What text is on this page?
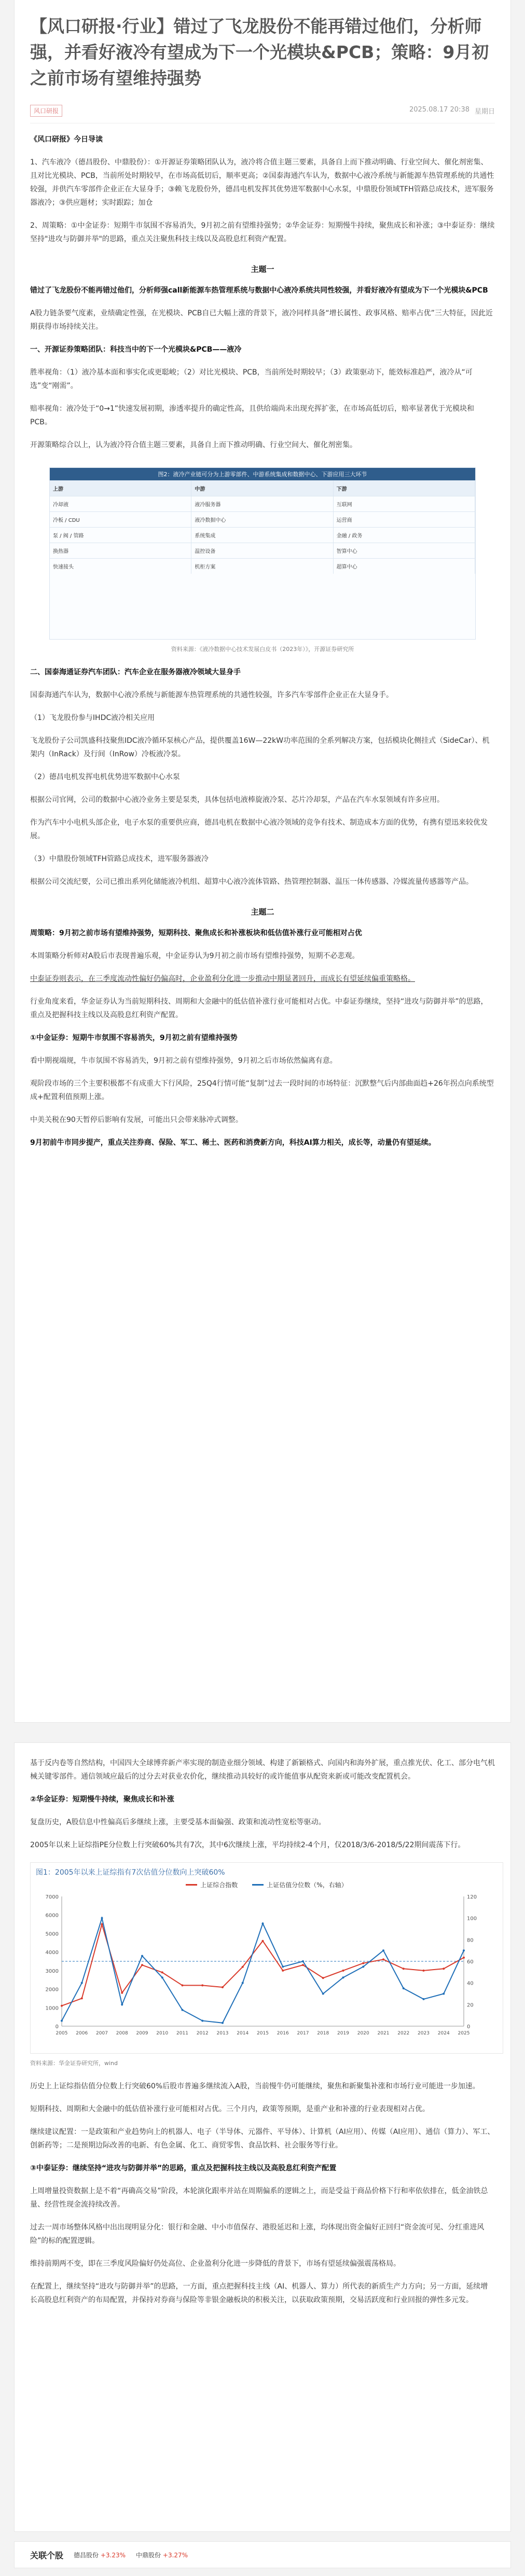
【风口研报·行业】错过了飞龙股份不能再错过他们，分析师强，并看好液冷有望成为下一个光模块&PCB；策略：9月初之前市场有望维持强势
风口研报	2025.08.17 20:38 星期日

《风口研报》今日导读

1、汽车液冷（德昌股份、中鼎股份）：①开源证券策略团队认为，液冷将合值主题三要素，具备自上而下推动明确、行业空间大、催化剂密集、且对比光模块、PCB，当前所处时期较早，在市场高低切后，顺率更高；②国泰海通汽车认为，数据中心液冷系统与新能源车热管理系统的共通性较强，并供汽车零部件企业正在大显身手；③赖飞龙股份外，德昌电机发挥其优势进军数据中心水泵，中鼎股份领域TFH管路总成技术，进军服务器液冷；③供应题材；实时跟踪；加仓

2、周策略：①中金证券：短期牛市氛围不容易消失，9月初之前有望维持强势；②华金证券：短期慢牛持续，聚焦成长和补涨；③中泰证券：继续坚持"进攻与防御并举"的思路，重点关注聚焦科技主线以及高股息红利资产配置。

主题一

错过了飞龙股份不能再错过他们，分析师强call新能源车热管理系统与数据中心液冷系统共同性较强，并看好液冷有望成为下一个光模块&PCB

A股力链条要气度素，业绩确定性强，在光模块、PCB自已大幅上涨的背景下，液冷同样具备“增长属性、政事风格、赔率占优”三大特征，因此近期获得市场持续关注。

一、开源证券策略团队：科技当中的下一个光模块&PCB——液冷

胜率视角：（1）液冷基本面和事实化或更聪峻；（2）对比光模块、PCB，当前所处时期较早；（3）政策驱动下，能效标准趋严，液冷从“可选”变“刚需”。

赔率视角：液冷处于“0→1”快速发展初期，渗透率提升的确定性高，且供给端尚未出现充挥扩张，在市场高低切后，赔率显著优于光模块和PCB。

开源策略综合以上，认为液冷符合值主题三要素，具备自上而下推动明确、行业空间大、催化剂密集。

图2：液冷产业链可分为上游零部件、中游系统集成和数据中心、下游应用三大环节
上游	中游	下游
冷却液	液冷服务器	互联网
冷板 / CDU	液冷数据中心	运营商
泵 / 阀 / 管路	系统集成	金融 / 政务
换热器	温控设备	智算中心
快速接头	机柜方案	超算中心

资料来源：《液冷数据中心技术发展白皮书（2023年）》，开源证券研究所

二、国泰海通证券汽车团队：汽车企业在服务器液冷领域大显身手

国泰海通汽车认为，数据中心液冷系统与新能源车热管理系统的共通性较强，许多汽车零部件企业正在大显身手。

（1）飞龙股份参与IHDC液冷相关应用

飞龙股份子公司凯盛科技聚焦IDC液冷循环泵核心产品，提供覆盖16W—22kW功率范围的全系列解决方案，包括模块化侧挂式（SideCar）、机架内（InRack）及行间（InRow）冷板液冷泵。

（2）德昌电机发挥电机优势进军数据中心水泵

根据公司官网，公司的数据中心液冷业务主要是泵类，具体包括电液棒旋液冷泵、芯片冷却泵，产品在汽车水泵领域有许多应用。

作为汽车中小电机头部企业，电子水泵的重要供应商，德昌电机在数据中心液冷领域的竞争有技术、制造成本方面的优势，有携有望迅来较优发展。

（3）中鼎股份领域TFH管路总成技术，进军服务器液冷

根据公司交流纪要，公司已推出系列化储能液冷机组、超算中心液冷流体管路、热管理控制器、温压一体传感器、冷媒流量传感器等产品。

主题二

周策略：9月初之前市场有望维持强势，短期科技、聚焦成长和补涨板块和低估值补涨行业可能相对占优

本周策略分析师对A股后市表现普遍乐观，中金证券认为9月初之前市场有望维持强势，短期不必悲观。

中泰证券则表示，在三季度流动性偏好仍偏高时，企业盈利分化进一步推动中期显著回升，而成长有望延续偏重策略格。

行业角度来看，华金证券认为当前短期科技、周期和大金融中的低估值补涨行业可能相对占优。中泰证券继续，坚持“进攻与防御并举”的思路，重点及把握科技主线以及高股息红利资产配置。

①中金证券：短期牛市氛围不容易消失，9月初之前有望维持强势

看中期视端规，牛市氛围不容易消失，9月初之前有望维持强势，9月初之后市场依然偏离有意。

观阶段市场的三个主要积极都不有成重大下行风险，25Q4行情可能“复制”过去一段时间的市场特征：沉默整气后内部曲面趋+26年拐点向系统型成+配置利值预期上涨。

中美关税在90天暂停后影响有发展，可能出只会带来脉冲式调整。

9月初前牛市同步提产，重点关注券商、保险、军工、稀土、医药和消费新方向，科技AI算力相关，成长等，动量仍有望延续。

基于反内卷等自然结构，中国四大全球博弈新产率实现的制造业细分领域、构建了新颖格式、向国内和海外扩展，重点推光伏、化工、部分电气机械关键零部件。通信领域应最后的过分去对获业农价化，继续推动具较好的或许能值事从配资来新或可能改变配置机会。

②华金证券：短期慢牛持续，聚焦成长和补涨

复盘历史，A股信息中性偏高后多继续上涨，主要受基本面偏强、政策和流动性宽松等驱动。

2005年以来上证综指PE分位数上行突破60%共有7次，其中6次继续上涨，平均持续2-4个月，仅2018/3/6-2018/5/22期间震荡下行。

图1：2005年以来上证综指有7次估值分位数向上突破60%
上证综合指数	上证估值分位数（%，右轴）
0
1000
2000
3000
4000
5000
6000
7000
0
20
40
60
80
100
120
2005 2006 2007 2008 2009 2010 2011 2012 2013 2014 2015 2016 2017 2018 2019 2020 2021 2022 2023 2024 2025

资料来源：华金证券研究所，wind

历史上上证综指估值分位数上行突破60%后股市普遍多继续流入A股，当前慢牛仍可能继续，聚焦和新聚集补涨和市场行业可能进一步加速。

短期科技、周期和大金融中的低估值补涨行业可能相对占优。三个月内，政策等预期，是重产业和补涨的行业表现相对占优。

继续建议配置：一是政策和产业趋势向上的机器人、电子（半导体、元器件、平导体）、计算机（AI应用）、传媒（AI应用）、通信（算力）、军工、创新药等；二是预期边际改善的电新、有色金属、化工、商贸零售、食品饮料、社会服务等行业。

③中泰证券：继续坚持“进攻与防御并举”的思路，重点及把握科技主线以及高股息红利资产配置

上周增量投资数据上是不着“再确高交易”阶段，本轮演化跟率并站在周期偏系的逻辑之上，而是受益于商品价格下行和率依依排在，低金油铁总量、经营性现金流持续改善。

过去一周市场整体风格中出出现明显分化：银行和金融、中小市值保存、港股延迟和上涨，均体现出资金偏好正回归“资金流可见、分红重进风险”的标的配置逻辑。

维持前期两不变，即在三季度风险偏好仍处高位、企业盈利分化进一步降低的背景下，市场有望延续偏强震荡格局。

在配置上，继续坚持“进攻与防御并举”的思路，一方面，重点把握科技主线（AI、机器人、算力）所代表的新质生产力方向；另一方面，延续增长高股息红利资产的布局配置，并保持对券商与保险等非银金融板块的积极关注，以获取政策预期，交易活跃度和行业回报的弹性多元发。

关联个股 德昌股份 +3.23% 中鼎股份 +3.27%
